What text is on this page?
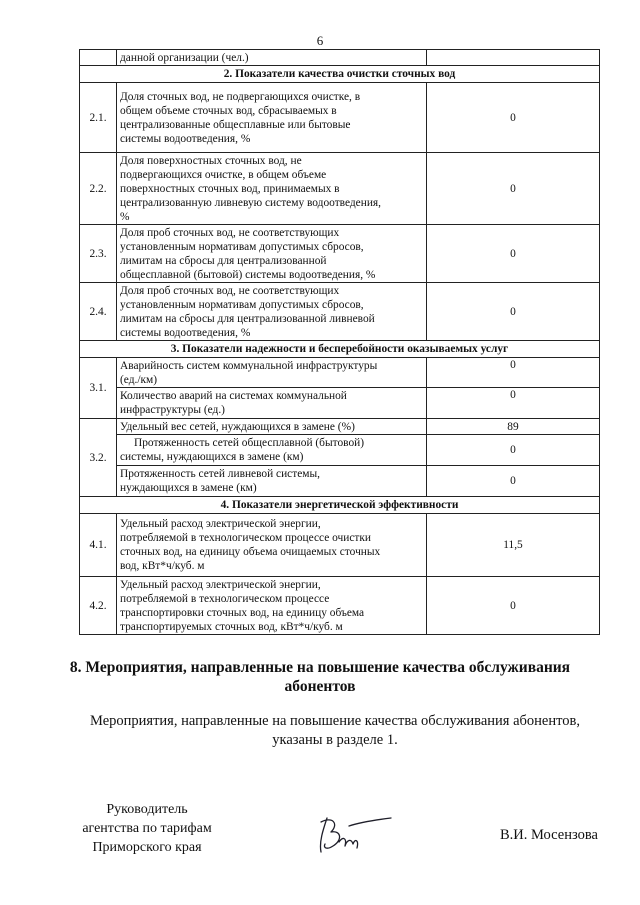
6
	данной организации (чел.)	
2. Показатели качества очистки сточных вод		
2.1.	Доля сточных вод, не подвергающихся очистке, в
общем объеме сточных вод, сбрасываемых в
централизованные общесплавные или бытовые
системы водоотведения, %	0
2.2.	Доля поверхностных сточных вод, не
подвергающихся очистке, в общем объеме
поверхностных сточных вод, принимаемых в
централизованную ливневую систему водоотведения,
%	0
2.3.	Доля проб сточных вод, не соответствующих
установленным нормативам допустимых сбросов,
лимитам на сбросы для централизованной
общесплавной (бытовой) системы водоотведения, %	0
2.4.	Доля проб сточных вод, не соответствующих
установленным нормативам допустимых сбросов,
лимитам на сбросы для централизованной ливневой
системы водоотведения, %	0
3. Показатели надежности и бесперебойности оказываемых услуг		
3.1.	Аварийность систем коммунальной инфраструктуры
(ед./км)	0

	Количество аварий на системах коммунальной
инфраструктуры (ед.)	0
3.2.	Удельный вес сетей, нуждающихся в замене (%)	89

	Протяженность сетей общесплавной (бытовой)
системы, нуждающихся в замене (км)	0

	Протяженность сетей ливневой системы,
нуждающихся в замене (км)	0
4. Показатели энергетической эффективности		
4.1.	Удельный расход электрической энергии,
потребляемой в технологическом процессе очистки
сточных вод, на единицу объема очищаемых сточных
вод, кВт*ч/куб. м	11,5
4.2.	Удельный расход электрической энергии,
потребляемой в технологическом процессе
транспортировки сточных вод, на единицу объема
транспортируемых сточных вод, кВт*ч/куб. м	0
8. Мероприятия, направленные на повышение качества обслуживания
абонентов

Мероприятия, направленные на повышение качества обслуживания абонентов,
указаны в разделе 1.

Руководитель
агентства по тарифам
Приморского края
В.И. Мосензова
